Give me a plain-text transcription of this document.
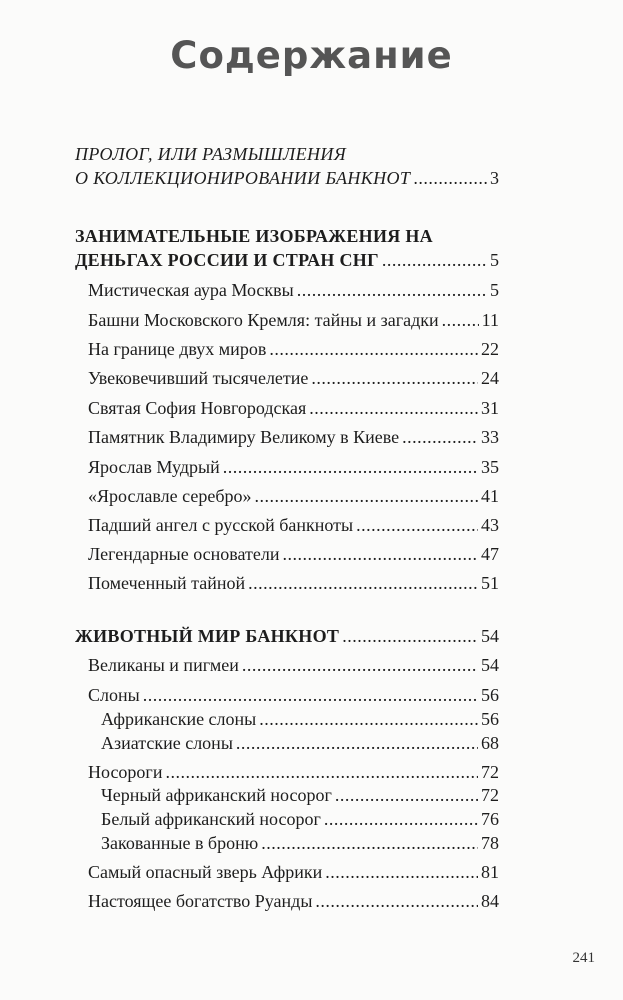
Содержание
ПРОЛОГ, ИЛИ РАЗМЫШЛЕНИЯ
О КОЛЛЕКЦИОНИРОВАНИИ БАНКНОТ .....	3
ЗАНИМАТЕЛЬНЫЕ ИЗОБРАЖЕНИЯ НА
ДЕНЬГАХ РОССИИ И СТРАН СНГ .....	5
Мистическая аура Москвы .....	5
Башни Московского Кремля: тайны и загадки ..... 11
На границе двух миров .....	22
Увековечивший тысячелетие .....	24
Святая София Новгородская .....	31
Памятник Владимиру Великому в Киеве .....	33
Ярослав Мудрый .....	35
«Ярославле серебро» .....	41
Падший ангел с русской банкноты .....	43
Легендарные основатели .....	47
Помеченный тайной .....	51
ЖИВОТНЫЙ МИР БАНКНОТ .....	54
Великаны и пигмеи .....	54
Слоны .....	56
Африканские слоны .....	56
Азиатские слоны .....	68
Носороги .....	72
Черный африканский носорог .....	72
Белый африканский носорог .....	76
Закованные в броню .....	78
Самый опасный зверь Африки .....	81
Настоящее богатство Руанды .....	84
241
